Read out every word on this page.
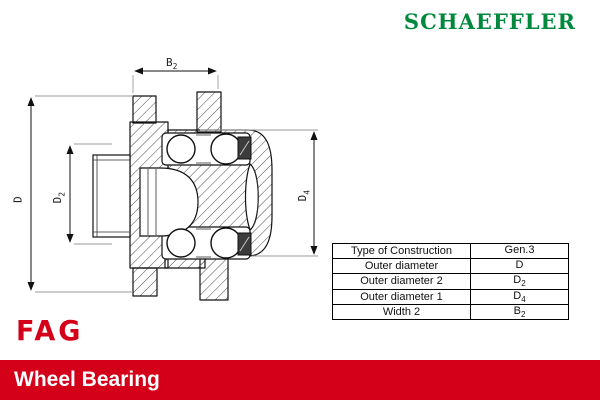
$B_2$
D $D_2$
$D_4$
SCHAEFFLER
FAG
Type of Construction	Gen.3
Outer diameter	D
Outer diameter 2	$D_2$
Outer diameter 1	$D_4$
Width 2	$B_2$
Wheel Bearing
